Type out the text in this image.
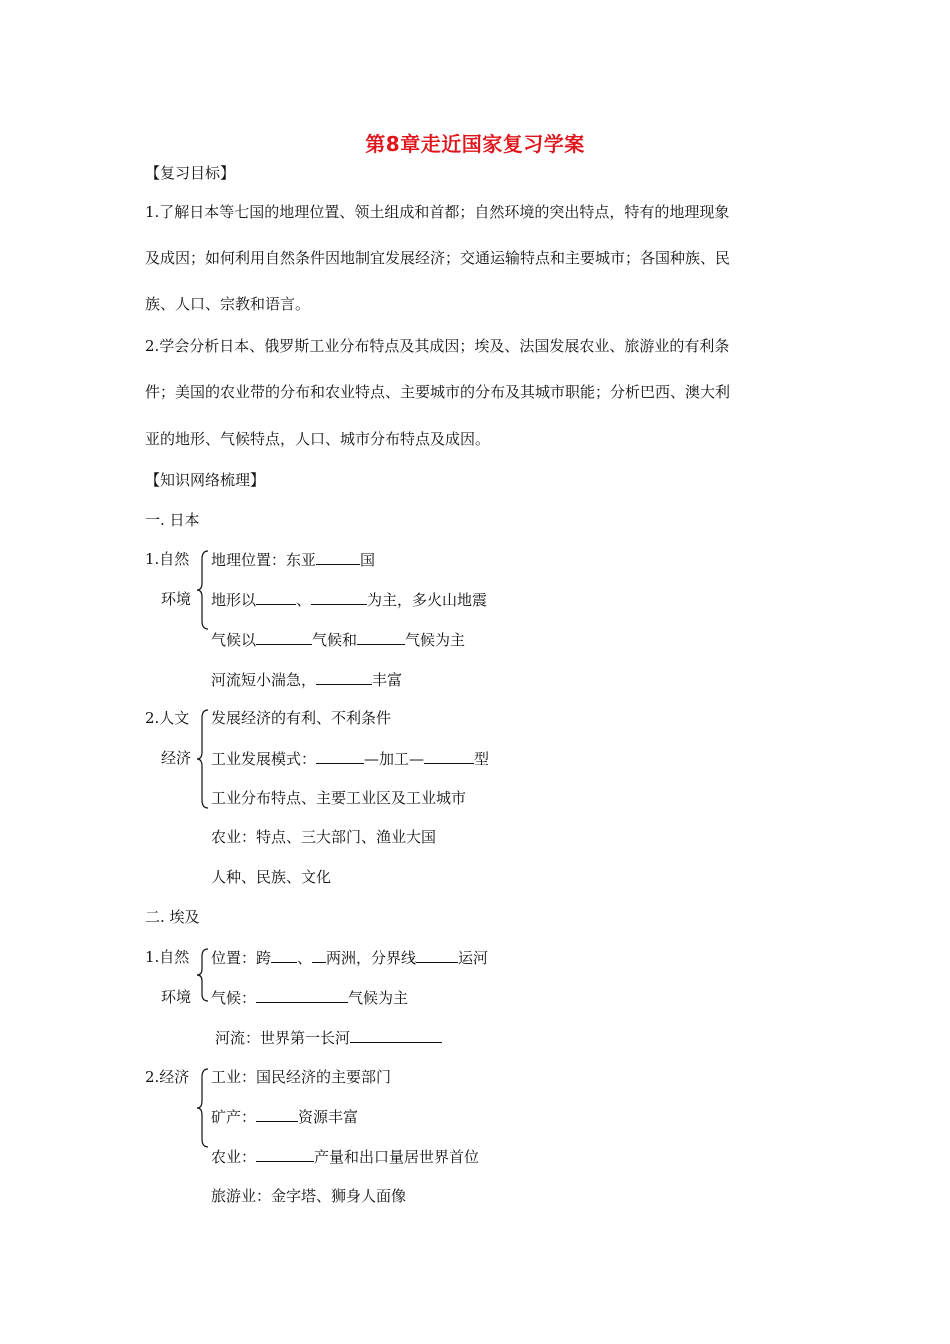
第8章走近国家复习学案
【复习目标】
1.了解日本等七国的地理位置、领土组成和首都；自然环境的突出特点，特有的地理现象
及成因；如何利用自然条件因地制宜发展经济；交通运输特点和主要城市；各国种族、民
族、人口、宗教和语言。
2.学会分析日本、俄罗斯工业分布特点及其成因；埃及、法国发展农业、旅游业的有利条
件；美国的农业带的分布和农业特点、主要城市的分布及其城市职能；分析巴西、澳大利
亚的地形、气候特点，人口、城市分布特点及成因。
【知识网络梳理】
一. 日本
1.自然
环境
地理位置：东亚	国
地形以	、	为主，多火山地震
气候以	气候和	气候为主
河流短小湍急，	丰富
2.人文
经济
发展经济的有利、不利条件
工业发展模式：	—加工—	型
工业分布特点、主要工业区及工业城市
农业：特点、三大部门、渔业大国
人种、民族、文化
二. 埃及
1.自然
环境
位置：跨 、 两洲，分界线	运河
气候：	气候为主
河流：世界第一长河
2.经济 工业：国民经济的主要部门
矿产：	资源丰富
农业：	产量和出口量居世界首位
旅游业：金字塔、狮身人面像
